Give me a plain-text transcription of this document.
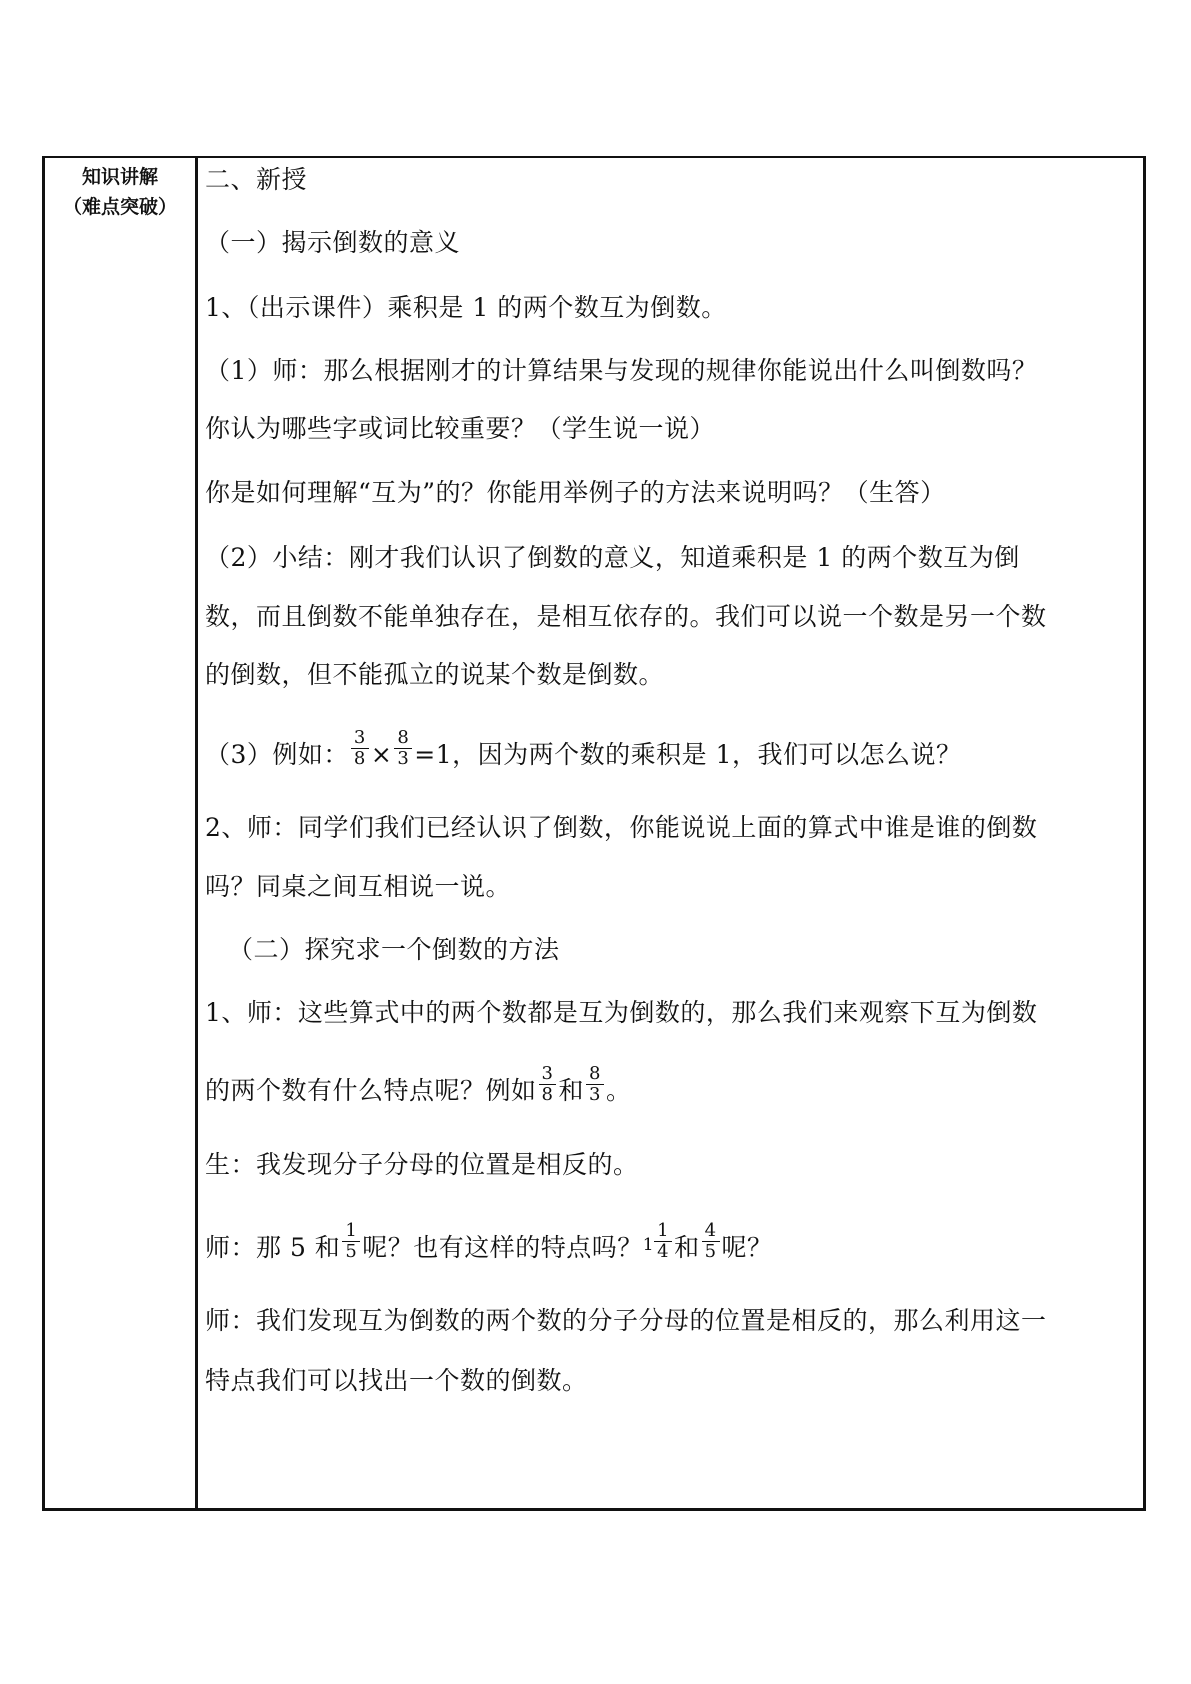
知识讲解
（难点突破）
二、新授
（一）揭示倒数的意义
1、（出示课件）乘积是 1 的两个数互为倒数。
（1）师：那么根据刚才的计算结果与发现的规律你能说出什么叫倒数吗？
你认为哪些字或词比较重要？（学生说一说）
你是如何理解“互为”的？你能用举例子的方法来说明吗？（生答）
（2）小结：刚才我们认识了倒数的意义，知道乘积是 1 的两个数互为倒
数，而且倒数不能单独存在，是相互依存的。我们可以说一个数是另一个数
的倒数，但不能孤立的说某个数是倒数。
（3）例如： $\frac{3}{8} \times \frac{8}{3} =1$，因为两个数的乘积是 1，我们可以怎么说？
2、师：同学们我们已经认识了倒数，你能说说上面的算式中谁是谁的倒数
吗？同桌之间互相说一说。
（二）探究求一个倒数的方法
1、师：这些算式中的两个数都是互为倒数的，那么我们来观察下互为倒数
的两个数有什么特点呢？例如 $\frac{3}{8}$ 和 $\frac{8}{3}$ 。
生：我发现分子分母的位置是相反的。
师：那 5 和 $\frac{1}{5}$ 呢？也有这样的特点吗？$^1 \frac{1}{4}$ 和 $\frac{4}{5}$ 呢？
师：我们发现互为倒数的两个数的分子分母的位置是相反的，那么利用这一
特点我们可以找出一个数的倒数。
